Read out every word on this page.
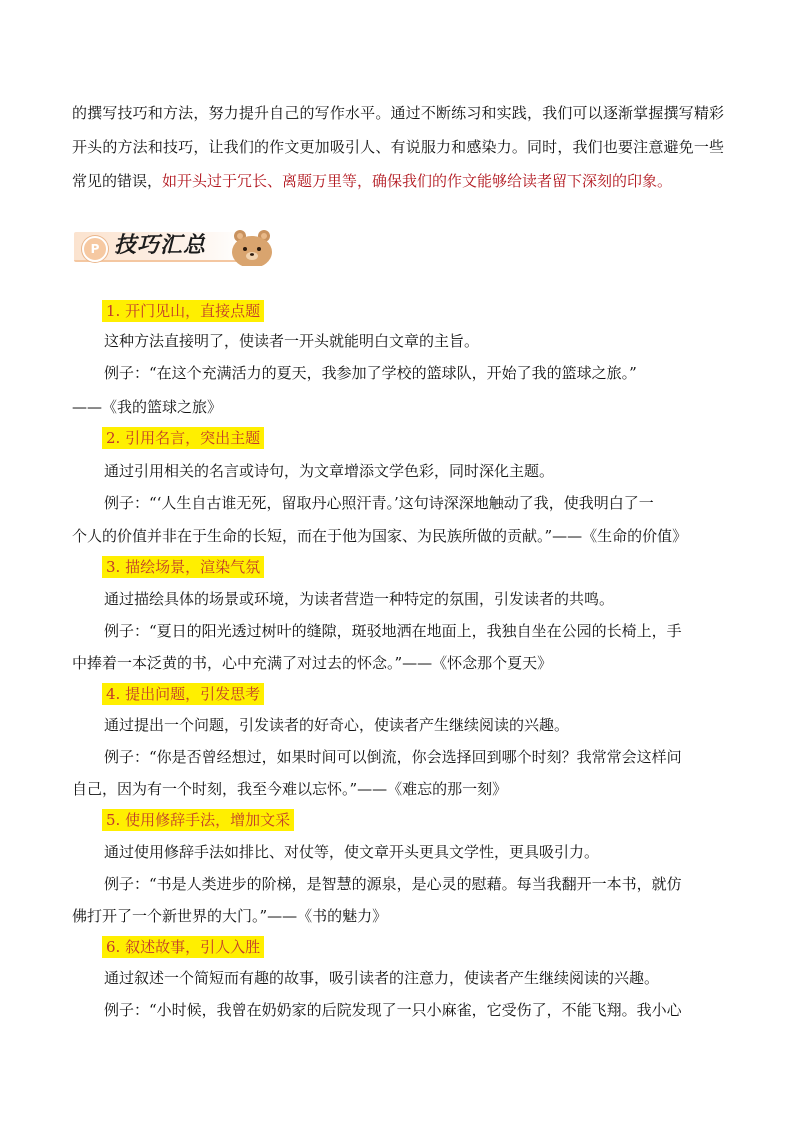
的撰写技巧和方法，努力提升自己的写作水平。通过不断练习和实践，我们可以逐渐掌握撰写精彩开头的方法和技巧，让我们的作文更加吸引人、有说服力和感染力。同时，我们也要注意避免一些常见的错误，如开头过于冗长、离题万里等，确保我们的作文能够给读者留下深刻的印象。
P 技巧汇总
1. 开门见山，直接点题
这种方法直接明了，使读者一开头就能明白文章的主旨。
例子：“在这个充满活力的夏天，我参加了学校的篮球队，开始了我的篮球之旅。”
——《我的篮球之旅》
2. 引用名言，突出主题
通过引用相关的名言或诗句，为文章增添文学色彩，同时深化主题。
例子：“‘人生自古谁无死，留取丹心照汗青。’这句诗深深地触动了我，使我明白了一
个人的价值并非在于生命的长短，而在于他为国家、为民族所做的贡献。”——《生命的价值》
3. 描绘场景，渲染气氛
通过描绘具体的场景或环境，为读者营造一种特定的氛围，引发读者的共鸣。
例子：“夏日的阳光透过树叶的缝隙，斑驳地洒在地面上，我独自坐在公园的长椅上，手
中捧着一本泛黄的书，心中充满了对过去的怀念。”——《怀念那个夏天》
4. 提出问题，引发思考
通过提出一个问题，引发读者的好奇心，使读者产生继续阅读的兴趣。
例子：“你是否曾经想过，如果时间可以倒流，你会选择回到哪个时刻？我常常会这样问
自己，因为有一个时刻，我至今难以忘怀。”——《难忘的那一刻》
5. 使用修辞手法，增加文采
通过使用修辞手法如排比、对仗等，使文章开头更具文学性，更具吸引力。
例子：“书是人类进步的阶梯，是智慧的源泉，是心灵的慰藉。每当我翻开一本书，就仿
佛打开了一个新世界的大门。”——《书的魅力》
6. 叙述故事，引人入胜
通过叙述一个简短而有趣的故事，吸引读者的注意力，使读者产生继续阅读的兴趣。
例子：“小时候，我曾在奶奶家的后院发现了一只小麻雀，它受伤了，不能飞翔。我小心
